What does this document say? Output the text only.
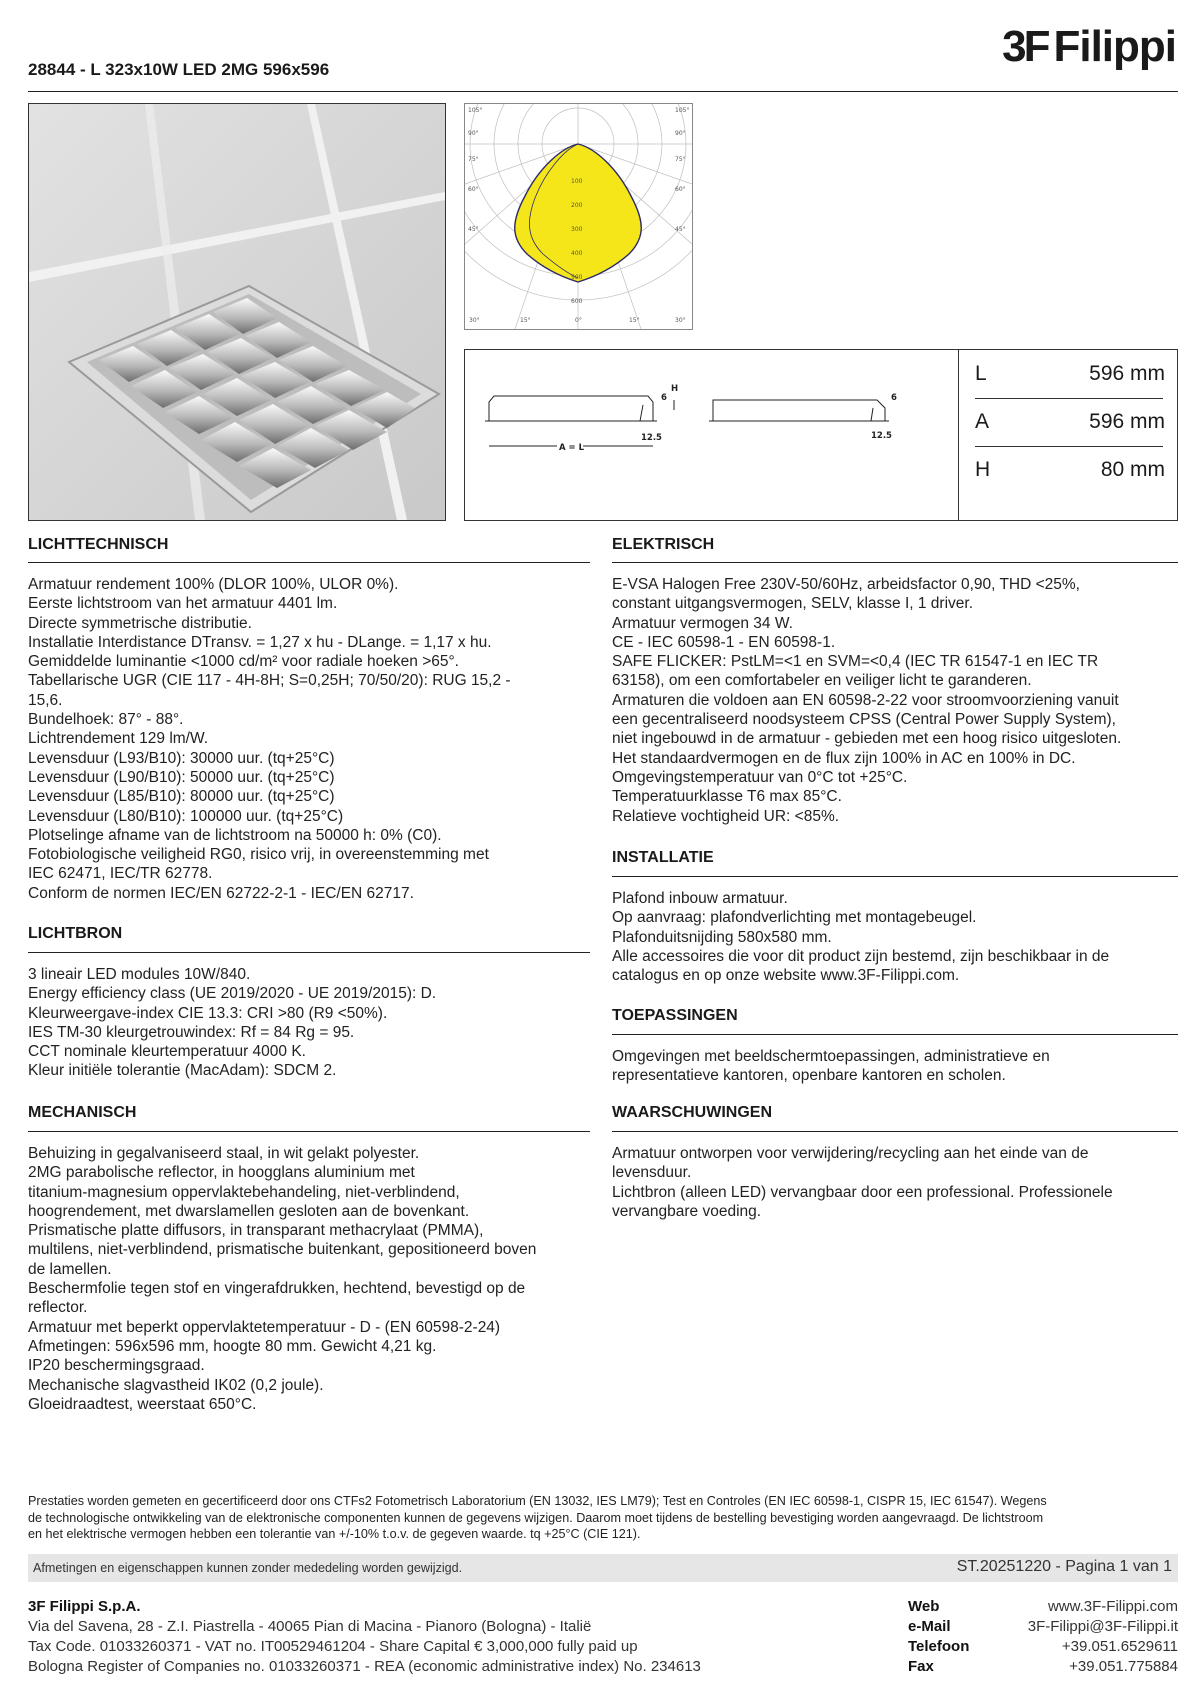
28844 - L 323x10W LED 2MG 596x596	3F Filippi
105°
90°
75°
60°
45°
105°
90°
75°
60°
45°
30°	15°	0°	15°	30°
100
200
300
400
500
600
H
6	6
12.5	12.5
A = L
L	596 mm
A	596 mm
H	80 mm
LICHTTECHNISCH
Armatuur rendement 100% (DLOR 100%, ULOR 0%).
Eerste lichtstroom van het armatuur 4401 lm.
Directe symmetrische distributie.
Installatie Interdistance DTransv. = 1,27 x hu - DLange. = 1,17 x hu.
Gemiddelde luminantie <1000 cd/m² voor radiale hoeken >65°.
Tabellarische UGR (CIE 117 - 4H-8H; S=0,25H; 70/50/20): RUG 15,2 -
15,6.
Bundelhoek: 87° - 88°.
Lichtrendement 129 lm/W.
Levensduur (L93/B10): 30000 uur. (tq+25°C)
Levensduur (L90/B10): 50000 uur. (tq+25°C)
Levensduur (L85/B10): 80000 uur. (tq+25°C)
Levensduur (L80/B10): 100000 uur. (tq+25°C)
Plotselinge afname van de lichtstroom na 50000 h: 0% (C0).
Fotobiologische veiligheid RG0, risico vrij, in overeenstemming met
IEC 62471, IEC/TR 62778.
Conform de normen IEC/EN 62722-2-1 - IEC/EN 62717.
LICHTBRON
3 lineair LED modules 10W/840.
Energy efficiency class (UE 2019/2020 - UE 2019/2015): D.
Kleurweergave-index CIE 13.3: CRI >80 (R9 <50%).
IES TM-30 kleurgetrouwindex: Rf = 84 Rg = 95.
CCT nominale kleurtemperatuur 4000 K.
Kleur initiële tolerantie (MacAdam): SDCM 2.
MECHANISCH
Behuizing in gegalvaniseerd staal, in wit gelakt polyester.
2MG parabolische reflector, in hoogglans aluminium met
titanium-magnesium oppervlaktebehandeling, niet-verblindend,
hoogrendement, met dwarslamellen gesloten aan de bovenkant.
Prismatische platte diffusors, in transparant methacrylaat (PMMA),
multilens, niet-verblindend, prismatische buitenkant, gepositioneerd boven
de lamellen.
Beschermfolie tegen stof en vingerafdrukken, hechtend, bevestigd op de
reflector.
Armatuur met beperkt oppervlaktetemperatuur - D - (EN 60598-2-24)
Afmetingen: 596x596 mm, hoogte 80 mm. Gewicht 4,21 kg.
IP20 beschermingsgraad.
Mechanische slagvastheid IK02 (0,2 joule).
Gloeidraadtest, weerstaat 650°C.
ELEKTRISCH
E-VSA Halogen Free 230V-50/60Hz, arbeidsfactor 0,90, THD <25%,
constant uitgangsvermogen, SELV, klasse I, 1 driver.
Armatuur vermogen 34 W.
CE - IEC 60598-1 - EN 60598-1.
SAFE FLICKER: PstLM=<1 en SVM=<0,4 (IEC TR 61547-1 en IEC TR
63158), om een comfortabeler en veiliger licht te garanderen.
Armaturen die voldoen aan EN 60598-2-22 voor stroomvoorziening vanuit
een gecentraliseerd noodsysteem CPSS (Central Power Supply System),
niet ingebouwd in de armatuur - gebieden met een hoog risico uitgesloten.
Het standaardvermogen en de flux zijn 100% in AC en 100% in DC.
Omgevingstemperatuur van 0°C tot +25°C.
Temperatuurklasse T6 max 85°C.
Relatieve vochtigheid UR: <85%.
INSTALLATIE
Plafond inbouw armatuur.
Op aanvraag: plafondverlichting met montagebeugel.
Plafonduitsnijding 580x580 mm.
Alle accessoires die voor dit product zijn bestemd, zijn beschikbaar in de
catalogus en op onze website www.3F-Filippi.com.
TOEPASSINGEN
Omgevingen met beeldschermtoepassingen, administratieve en
representatieve kantoren, openbare kantoren en scholen.
WAARSCHUWINGEN
Armatuur ontworpen voor verwijdering/recycling aan het einde van de
levensduur.
Lichtbron (alleen LED) vervangbaar door een professional. Professionele
vervangbare voeding.
Prestaties worden gemeten en gecertificeerd door ons CTFs2 Fotometrisch Laboratorium (EN 13032, IES LM79); Test en Controles (EN IEC 60598-1, CISPR 15, IEC 61547). Wegens
de technologische ontwikkeling van de elektronische componenten kunnen de gegevens wijzigen. Daarom moet tijdens de bestelling bevestiging worden aangevraagd. De lichtstroom
en het elektrische vermogen hebben een tolerantie van +/-10% t.o.v. de gegeven waarde. tq +25°C (CIE 121).
Afmetingen en eigenschappen kunnen zonder mededeling worden gewijzigd.	ST.20251220 - Pagina 1 van 1
3F Filippi S.p.A.
Via del Savena, 28 - Z.I. Piastrella - 40065 Pian di Macina - Pianoro (Bologna) - Italië
Tax Code. 01033260371 - VAT no. IT00529461204 - Share Capital € 3,000,000 fully paid up
Bologna Register of Companies no. 01033260371 - REA (economic administrative index) No. 234613
Web	www.3F-Filippi.com
e-Mail	3F-Filippi@3F-Filippi.it
Telefoon	+39.051.6529611
Fax	+39.051.775884
